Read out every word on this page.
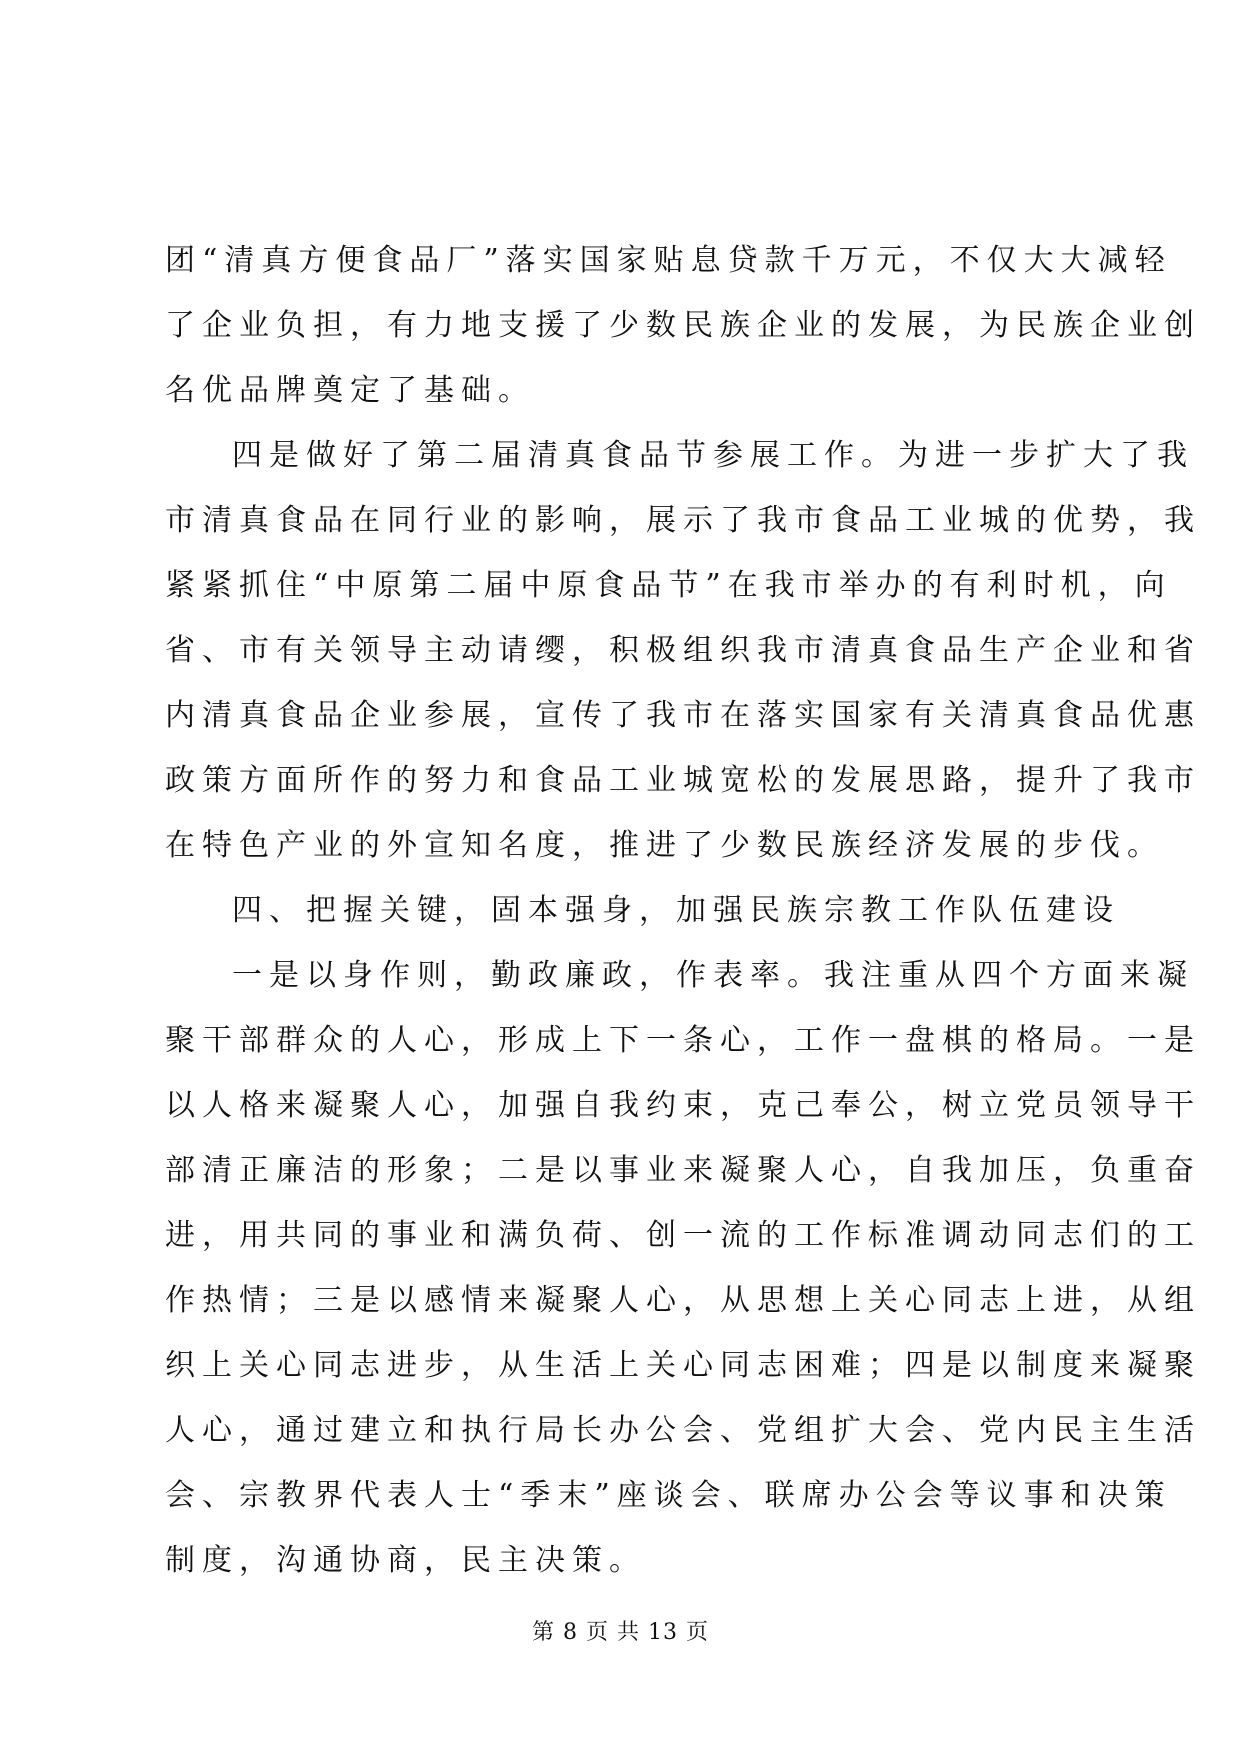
团“清真方便食品厂”落实国家贴息贷款千万元，不仅大大减轻
了企业负担，有力地支援了少数民族企业的发展，为民族企业创
名优品牌奠定了基础。
四是做好了第二届清真食品节参展工作。为进一步扩大了我
市清真食品在同行业的影响，展示了我市食品工业城的优势，我
紧紧抓住“中原第二届中原食品节”在我市举办的有利时机，向
省、市有关领导主动请缨，积极组织我市清真食品生产企业和省
内清真食品企业参展，宣传了我市在落实国家有关清真食品优惠
政策方面所作的努力和食品工业城宽松的发展思路，提升了我市
在特色产业的外宣知名度，推进了少数民族经济发展的步伐。
四、把握关键，固本强身，加强民族宗教工作队伍建设
一是以身作则，勤政廉政，作表率。我注重从四个方面来凝
聚干部群众的人心，形成上下一条心，工作一盘棋的格局。一是
以人格来凝聚人心，加强自我约束，克己奉公，树立党员领导干
部清正廉洁的形象；二是以事业来凝聚人心，自我加压，负重奋
进，用共同的事业和满负荷、创一流的工作标准调动同志们的工
作热情；三是以感情来凝聚人心，从思想上关心同志上进，从组
织上关心同志进步，从生活上关心同志困难；四是以制度来凝聚
人心，通过建立和执行局长办公会、党组扩大会、党内民主生活
会、宗教界代表人士“季末”座谈会、联席办公会等议事和决策
制度，沟通协商，民主决策。
第 8 页 共 13 页
